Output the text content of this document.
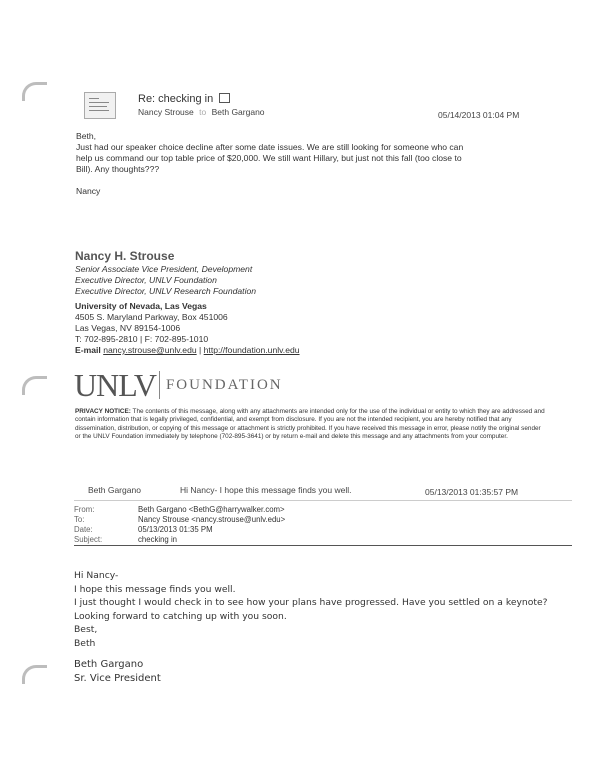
Re: checking in
Nancy Strouse to Beth Gargano	05/14/2013 01:04 PM
Beth,
Just had our speaker choice decline after some date issues. We are still looking for someone who can
help us command our top table price of $20,000. We still want Hillary, but just not this fall (too close to
Bill). Any thoughts???
Nancy
Nancy H. Strouse
Senior Associate Vice President, Development
Executive Director, UNLV Foundation
Executive Director, UNLV Research Foundation
University of Nevada, Las Vegas
4505 S. Maryland Parkway, Box 451006
Las Vegas, NV 89154-1006
T: 702-895-2810 | F: 702-895-1010
E-mail nancy.strouse@unlv.edu | http://foundation.unlv.edu
UNLV FOUNDATION
PRIVACY NOTICE: The contents of this message, along with any attachments are intended only for the use of the individual or entity to which they are addressed and contain information that is legally privileged, confidential, and exempt from disclosure. If you are not the intended recipient, you are hereby notified that any dissemination, distribution, or copying of this message or attachment is strictly prohibited. If you have received this message in error, please notify the original sender or the UNLV Foundation immediately by telephone (702-895-3641) or by return e-mail and delete this message and any attachments from your computer.
Beth Gargano	Hi Nancy- I hope this message finds you well.	05/13/2013 01:35:57 PM
From:	Beth Gargano <BethG@harrywalker.com>
To:	Nancy Strouse <nancy.strouse@unlv.edu>
Date:	05/13/2013 01:35 PM
Subject:	checking in
Hi Nancy-
I hope this message finds you well.
I just thought I would check in to see how your plans have progressed. Have you settled on a keynote?
Looking forward to catching up with you soon.
Best,
Beth
Beth Gargano
Sr. Vice President
